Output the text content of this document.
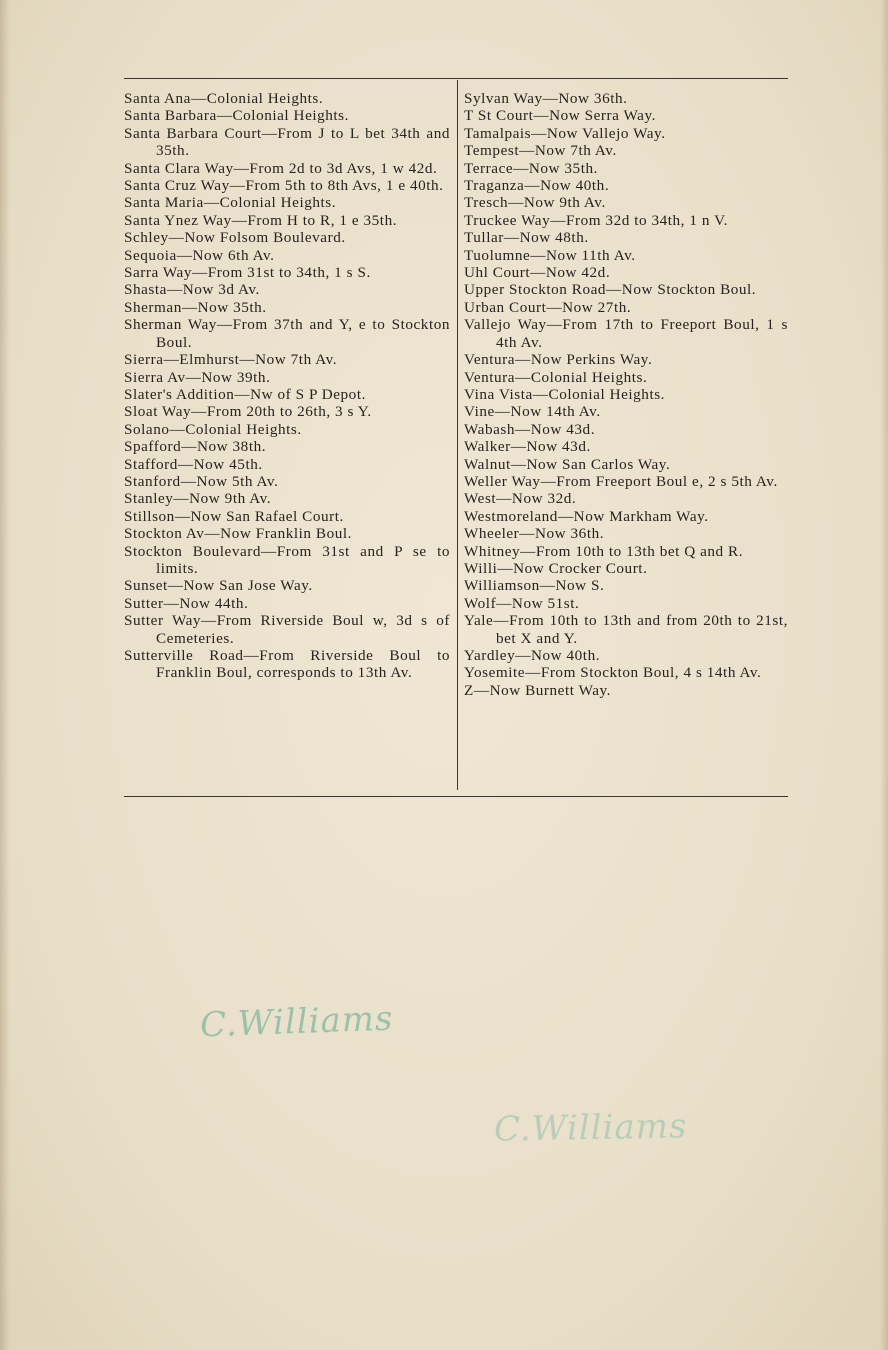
Santa Ana—Colonial Heights.

Santa Barbara—Colonial Heights.

Santa Barbara Court—From J to L bet 34th and 35th.

Santa Clara Way—From 2d to 3d Avs, 1 w 42d.

Santa Cruz Way—From 5th to 8th Avs, 1 e 40th.

Santa Maria—Colonial Heights.

Santa Ynez Way—From H to R, 1 e 35th.

Schley—Now Folsom Boulevard.

Sequoia—Now 6th Av.

Sarra Way—From 31st to 34th, 1 s S.

Shasta—Now 3d Av.

Sherman—Now 35th.

Sherman Way—From 37th and Y, e to Stockton Boul.

Sierra—Elmhurst—Now 7th Av.

Sierra Av—Now 39th.

Slater's Addition—Nw of S P Depot.

Sloat Way—From 20th to 26th, 3 s Y.

Solano—Colonial Heights.

Spafford—Now 38th.

Stafford—Now 45th.

Stanford—Now 5th Av.

Stanley—Now 9th Av.

Stillson—Now San Rafael Court.

Stockton Av—Now Franklin Boul.

Stockton Boulevard—From 31st and P se to limits.

Sunset—Now San Jose Way.

Sutter—Now 44th.

Sutter Way—From Riverside Boul w, 3d s of Cemeteries.

Sutterville Road—From Riverside Boul to Franklin Boul, corresponds to 13th Av.

Sylvan Way—Now 36th.

T St Court—Now Serra Way.

Tamalpais—Now Vallejo Way.

Tempest—Now 7th Av.

Terrace—Now 35th.

Traganza—Now 40th.

Tresch—Now 9th Av.

Truckee Way—From 32d to 34th, 1 n V.

Tullar—Now 48th.

Tuolumne—Now 11th Av.

Uhl Court—Now 42d.

Upper Stockton Road—Now Stockton Boul.

Urban Court—Now 27th.

Vallejo Way—From 17th to Freeport Boul, 1 s 4th Av.

Ventura—Now Perkins Way.

Ventura—Colonial Heights.

Vina Vista—Colonial Heights.

Vine—Now 14th Av.

Wabash—Now 43d.

Walker—Now 43d.

Walnut—Now San Carlos Way.

Weller Way—From Freeport Boul e, 2 s 5th Av.

West—Now 32d.

Westmoreland—Now Markham Way.

Wheeler—Now 36th.

Whitney—From 10th to 13th bet Q and R.

Willi—Now Crocker Court.

Williamson—Now S.

Wolf—Now 51st.

Yale—From 10th to 13th and from 20th to 21st, bet X and Y.

Yardley—Now 40th.

Yosemite—From Stockton Boul, 4 s 14th Av.

Z—Now Burnett Way.

C.Williams
C.Williams
